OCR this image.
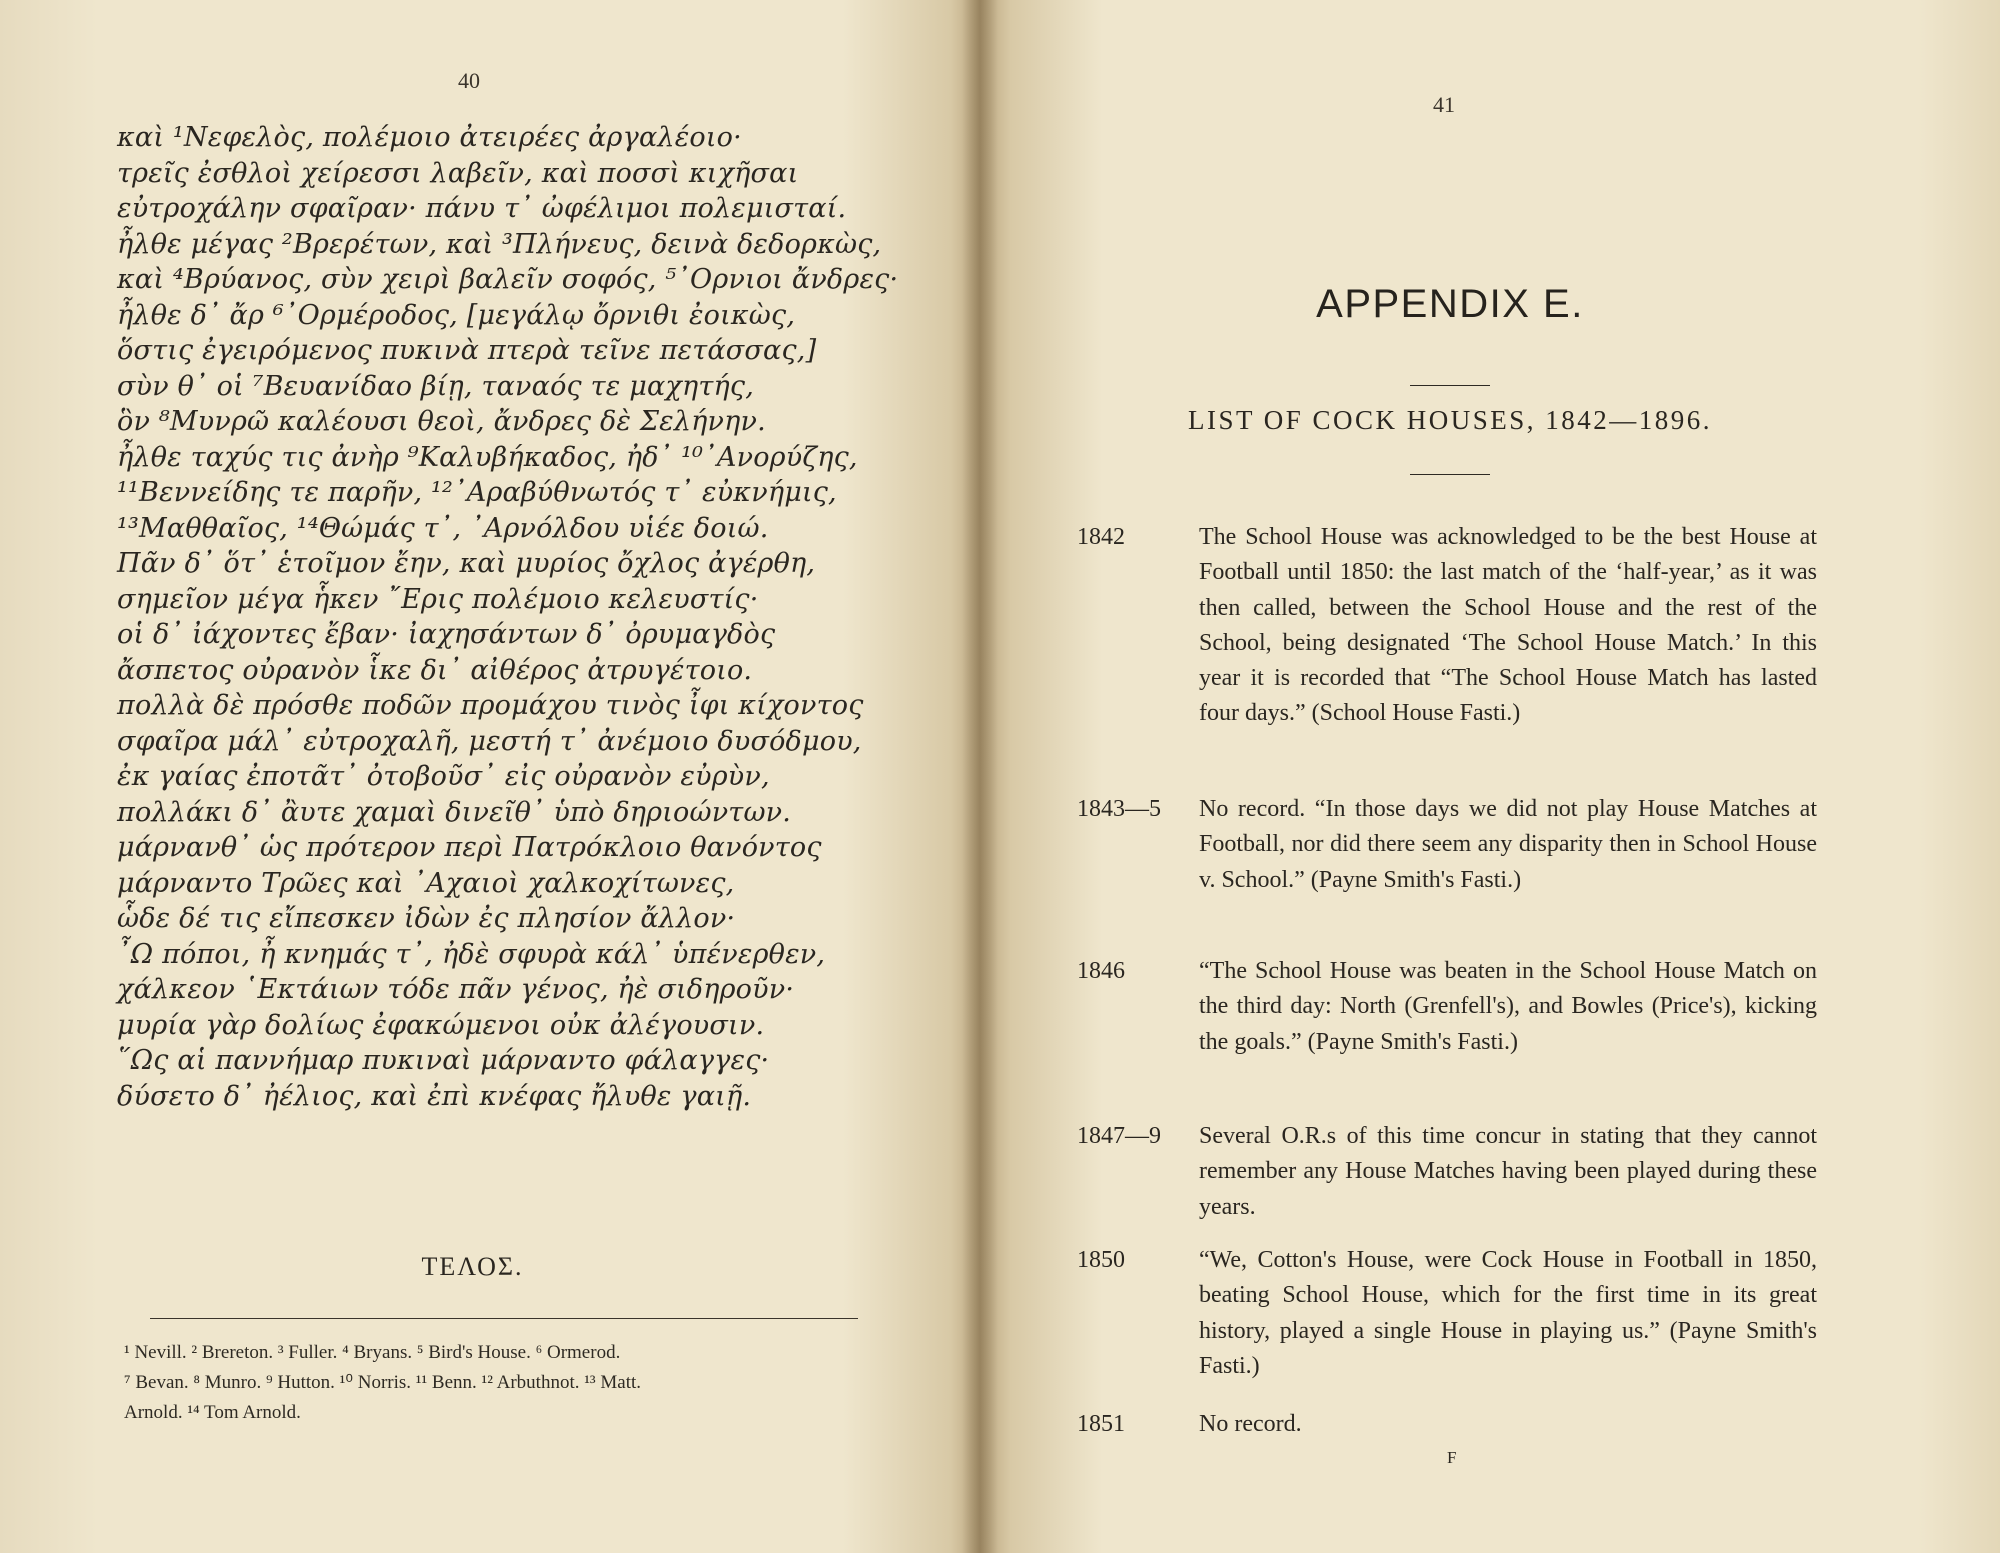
40
καὶ ¹Νεφελὸς, πολέμοιο ἀτειρέες ἀργαλέοιο·
τρεῖς ἐσθλοὶ χείρεσσι λαβεῖν, καὶ ποσσὶ κιχῆσαι
εὐτροχάλην σφαῖραν· πάνυ τ᾽ ὠφέλιμοι πολεμισταί.
ἦλθε μέγας ²Βρερέτων, καὶ ³Πλήνευς, δεινὰ δεδορκὼς,
καὶ ⁴Βρύανος, σὺν χειρὶ βαλεῖν σοφός, ⁵᾽Ορνιοι ἄνδρες·
ἦλθε δ᾽ ἄρ ⁶᾽Ορμέροδος, [μεγάλῳ ὄρνιθι ἐοικὼς,
ὅστις ἐγειρόμενος πυκινὰ πτερὰ τεῖνε πετάσσας,]
σὺν θ᾽ οἱ ⁷Βευανίδαο βίῃ, ταναός τε μαχητής,
ὃν ⁸Μυνρῶ καλέουσι θεοὶ, ἄνδρες δὲ Σελήνην.
ἦλθε ταχύς τις ἀνὴρ ⁹Καλυβήκαδος, ἠδ᾽ ¹⁰᾽Ανορύζης,
¹¹Βεννείδης τε παρῆν, ¹²᾽Αραβύθνωτός τ᾽ εὐκνήμις,
¹³Μαθθαῖος, ¹⁴Θώμάς τ᾽, ᾽Αρνόλδου υἱέε δοιώ.
Πᾶν δ᾽ ὅτ᾽ ἑτοῖμον ἔην, καὶ μυρίος ὄχλος ἀγέρθη,
σημεῖον μέγα ἧκεν ῎Ερις πολέμοιο κελευστίς·
οἱ δ᾽ ἰάχοντες ἔβαν· ἰαχησάντων δ᾽ ὀρυμαγδὸς
ἄσπετος οὐρανὸν ἷκε δι᾽ αἰθέρος ἀτρυγέτοιο.
πολλὰ δὲ πρόσθε ποδῶν προμάχου τινὸς ἶφι κίχοντος
σφαῖρα μάλ᾽ εὐτροχαλῆ, μεστή τ᾽ ἀνέμοιο δυσόδμου,
ἐκ γαίας ἐποτᾶτ᾽ ὀτοβοῦσ᾽ εἰς οὐρανὸν εὐρὺν,
πολλάκι δ᾽ ἂυτε χαμαὶ δινεῖθ᾽ ὑπὸ δηριοώντων.
μάρνανθ᾽ ὡς πρότερον περὶ Πατρόκλοιο θανόντος
μάρναντο Τρῶες καὶ ᾽Αχαιοὶ χαλκοχίτωνες,
ὧδε δέ τις εἴπεσκεν ἰδὼν ἐς πλησίον ἄλλον·
῏Ω πόποι, ἦ κνημάς τ᾽, ἠδὲ σφυρὰ κάλ᾽ ὑπένερθεν,
χάλκεον ῾Εκτάιων τόδε πᾶν γένος, ἠὲ σιδηροῦν·
μυρία γὰρ δολίως ἐφακώμενοι οὐκ ἀλέγουσιν.
῞Ως αἱ παννήμαρ πυκιναὶ μάρναντο φάλαγγες·
δύσετο δ᾽ ἠέλιος, καὶ ἐπὶ κνέφας ἤλυθε γαιῇ.
ΤΕΛΟΣ.
¹ Nevill. ² Brereton. ³ Fuller. ⁴ Bryans. ⁵ Bird's House. ⁶ Ormerod.
⁷ Bevan. ⁸ Munro. ⁹ Hutton. ¹⁰ Norris. ¹¹ Benn. ¹² Arbuthnot. ¹³ Matt.
Arnold. ¹⁴ Tom Arnold.
41
APPENDIX E.
LIST OF COCK HOUSES, 1842—1896.
1842	The School House was acknowledged to be the best House at Football until 1850: the last match of the ‘half-year,’ as it was then called, between the School House and the rest of the School, being designated ‘The School House Match.’ In this year it is recorded that “The School House Match has lasted four days.” (School House Fasti.)
1843—5 No record. “In those days we did not play House Matches at Football, nor did there seem any disparity then in School House v. School.” (Payne Smith's Fasti.)
1846	“The School House was beaten in the School House Match on the third day: North (Grenfell's), and Bowles (Price's), kicking the goals.” (Payne Smith's Fasti.)
1847—9 Several O.R.s of this time concur in stating that they cannot remember any House Matches having been played during these years.
1850	“We, Cotton's House, were Cock House in Football in 1850, beating School House, which for the first time in its great history, played a single House in playing us.” (Payne Smith's Fasti.)
1851	No record.
F
